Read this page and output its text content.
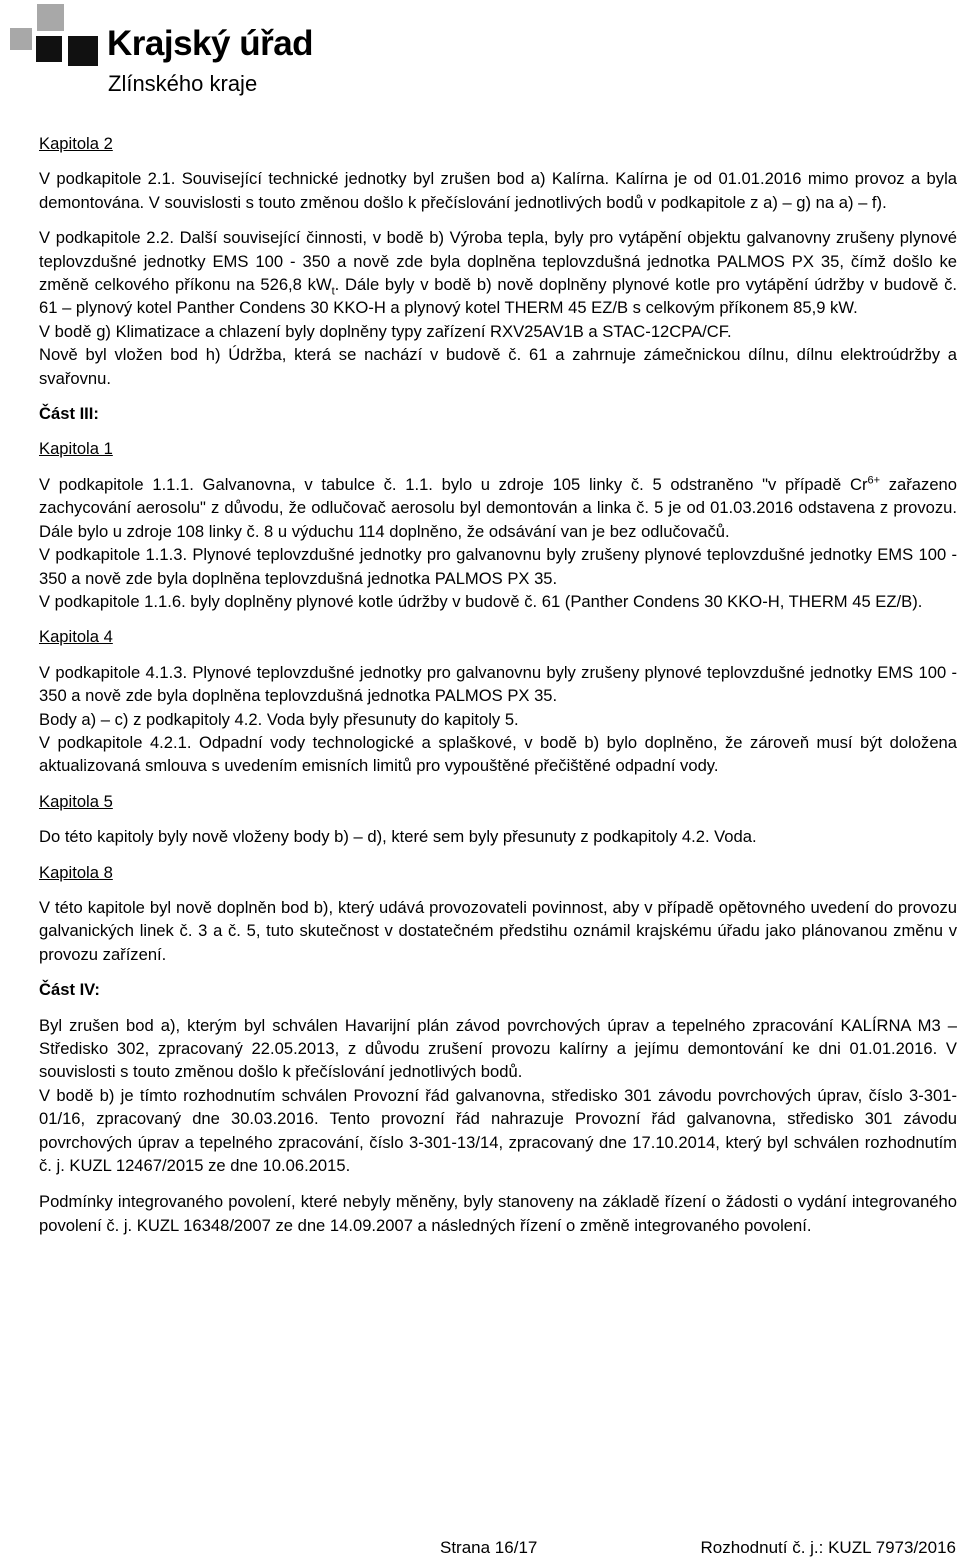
Krajský úřad
Zlínského kraje
Kapitola 2
V podkapitole 2.1. Související technické jednotky byl zrušen bod a) Kalírna. Kalírna je od 01.01.2016 mimo provoz a byla demontována. V souvislosti s touto změnou došlo k přečíslování jednotlivých bodů v podkapitole z a) – g) na a) – f).
V podkapitole 2.2. Další související činnosti, v bodě b) Výroba tepla, byly pro vytápění objektu galvanovny zrušeny plynové teplovzdušné jednotky EMS 100 - 350 a nově zde byla doplněna teplovzdušná jednotka PALMOS PX 35, čímž došlo ke změně celkového příkonu na 526,8 $kW_t$. Dále byly v bodě b) nově doplněny plynové kotle pro vytápění údržby v budově č. 61 – plynový kotel Panther Condens 30 KKO-H a plynový kotel THERM 45 EZ/B s celkovým příkonem 85,9 kW.
V bodě g) Klimatizace a chlazení byly doplněny typy zařízení RXV25AV1B a STAC-12CPA/CF.
Nově byl vložen bod h) Údržba, která se nachází v budově č. 61 a zahrnuje zámečnickou dílnu, dílnu elektroúdržby a svařovnu.
Část III:
Kapitola 1
V podkapitole 1.1.1. Galvanovna, v tabulce č. 1.1. bylo u zdroje 105 linky č. 5 odstraněno "v případě $Cr^{6+}$ zařazeno zachycování aerosolu" z důvodu, že odlučovač aerosolu byl demontován a linka č. 5 je od 01.03.2016 odstavena z provozu. Dále bylo u zdroje 108 linky č. 8 u výduchu 114 doplněno, že odsávání van je bez odlučovačů.
V podkapitole 1.1.3. Plynové teplovzdušné jednotky pro galvanovnu byly zrušeny plynové teplovzdušné jednotky EMS 100 - 350 a nově zde byla doplněna teplovzdušná jednotka PALMOS PX 35.
V podkapitole 1.1.6. byly doplněny plynové kotle údržby v budově č. 61 (Panther Condens 30 KKO-H, THERM 45 EZ/B).
Kapitola 4
V podkapitole 4.1.3. Plynové teplovzdušné jednotky pro galvanovnu byly zrušeny plynové teplovzdušné jednotky EMS 100 - 350 a nově zde byla doplněna teplovzdušná jednotka PALMOS PX 35.
Body a) – c) z podkapitoly 4.2. Voda byly přesunuty do kapitoly 5.
V podkapitole 4.2.1. Odpadní vody technologické a splaškové, v bodě b) bylo doplněno, že zároveň musí být doložena aktualizovaná smlouva s uvedením emisních limitů pro vypouštěné přečištěné odpadní vody.
Kapitola 5
Do této kapitoly byly nově vloženy body b) – d), které sem byly přesunuty z podkapitoly 4.2. Voda.
Kapitola 8
V této kapitole byl nově doplněn bod b), který udává provozovateli povinnost, aby v případě opětovného uvedení do provozu galvanických linek č. 3 a č. 5, tuto skutečnost v dostatečném předstihu oznámil krajskému úřadu jako plánovanou změnu v provozu zařízení.
Část IV:
Byl zrušen bod a), kterým byl schválen Havarijní plán závod povrchových úprav a tepelného zpracování KALÍRNA M3 – Středisko 302, zpracovaný 22.05.2013, z důvodu zrušení provozu kalírny a jejímu demontování ke dni 01.01.2016. V souvislosti s touto změnou došlo k přečíslování jednotlivých bodů.
V bodě b) je tímto rozhodnutím schválen Provozní řád galvanovna, středisko 301 závodu povrchových úprav, číslo 3-301-01/16, zpracovaný dne 30.03.2016. Tento provozní řád nahrazuje Provozní řád galvanovna, středisko 301 závodu povrchových úprav a tepelného zpracování, číslo 3-301-13/14, zpracovaný dne 17.10.2014, který byl schválen rozhodnutím č. j. KUZL 12467/2015 ze dne 10.06.2015.
Podmínky integrovaného povolení, které nebyly měněny, byly stanoveny na základě řízení o žádosti o vydání integrovaného povolení č. j. KUZL 16348/2007 ze dne 14.09.2007 a následných řízení o změně integrovaného povolení.
Strana 16/17	Rozhodnutí č. j.: KUZL 7973/2016
